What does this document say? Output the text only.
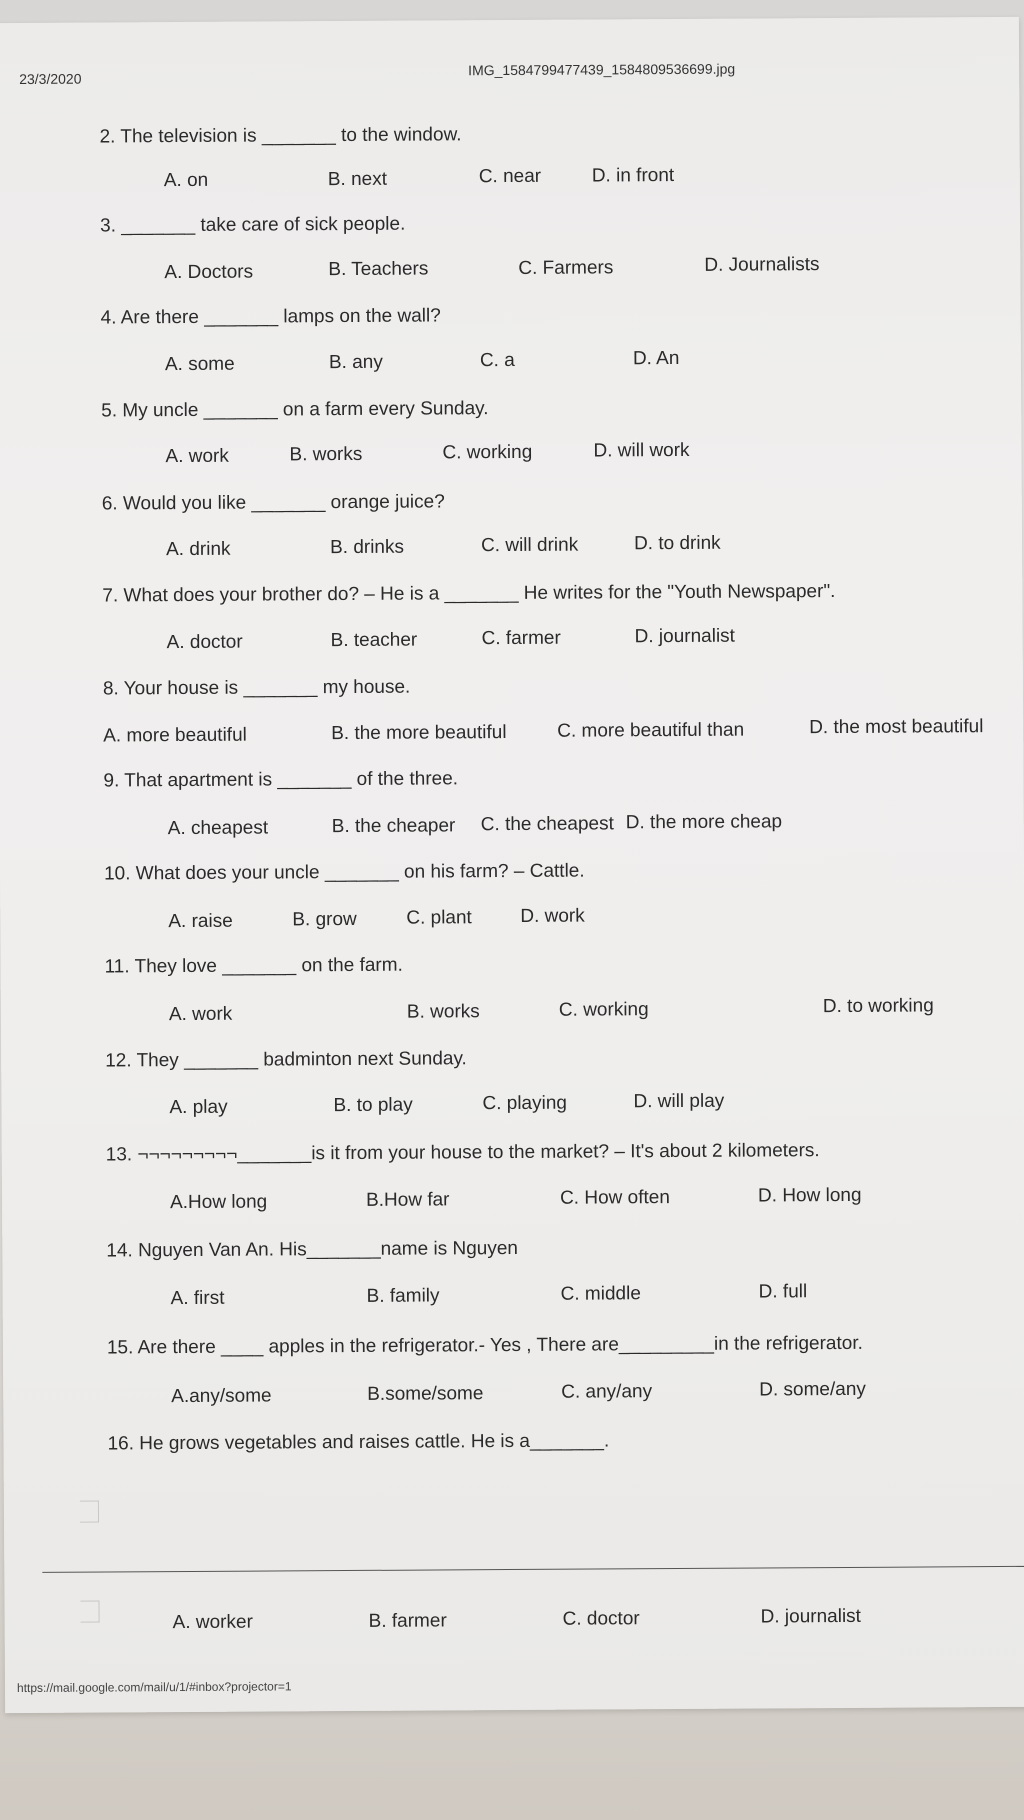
23/3/2020
IMG_1584799477439_1584809536699.jpg
2. The television is _______ to the window.
A. on	B. next	C. near	D. in front
3. _______ take care of sick people.
A. Doctors	B. Teachers	C. Farmers	D. Journalists
4. Are there _______ lamps on the wall?
A. some	B. any	C. a	D. An
5. My uncle _______ on a farm every Sunday.
A. work	B. works	C. working	D. will work
6. Would you like _______ orange juice?
A. drink	B. drinks	C. will drink	D. to drink
7. What does your brother do? – He is a _______ He writes for the "Youth Newspaper".
A. doctor	B. teacher	C. farmer	D. journalist
8. Your house is _______ my house.
A. more beautiful	B. the more beautiful	C. more beautiful than	D. the most beautiful
9. That apartment is _______ of the three.
A. cheapest	B. the cheaper C. the cheapest D. the more cheap
10. What does your uncle _______ on his farm? – Cattle.
A. raise	B. grow	C. plant	D. work
11. They love _______ on the farm.
A. work	B. works	C. working	D. to working
12. They _______ badminton next Sunday.
A. play	B. to play	C. playing	D. will play
13. ¬¬¬¬¬¬¬¬¬_______is it from your house to the market? – It's about 2 kilometers.
A.How long	B.How far	C. How often	D. How long
14. Nguyen Van An. His_______name is Nguyen
A. first	B. family	C. middle	D. full
15. Are there ____ apples in the refrigerator.- Yes , There are_________in the refrigerator.
A.any/some	B.some/some	C. any/any	D. some/any
16. He grows vegetables and raises cattle. He is a_______.
A. worker	B. farmer	C. doctor	D. journalist
https://mail.google.com/mail/u/1/#inbox?projector=1
